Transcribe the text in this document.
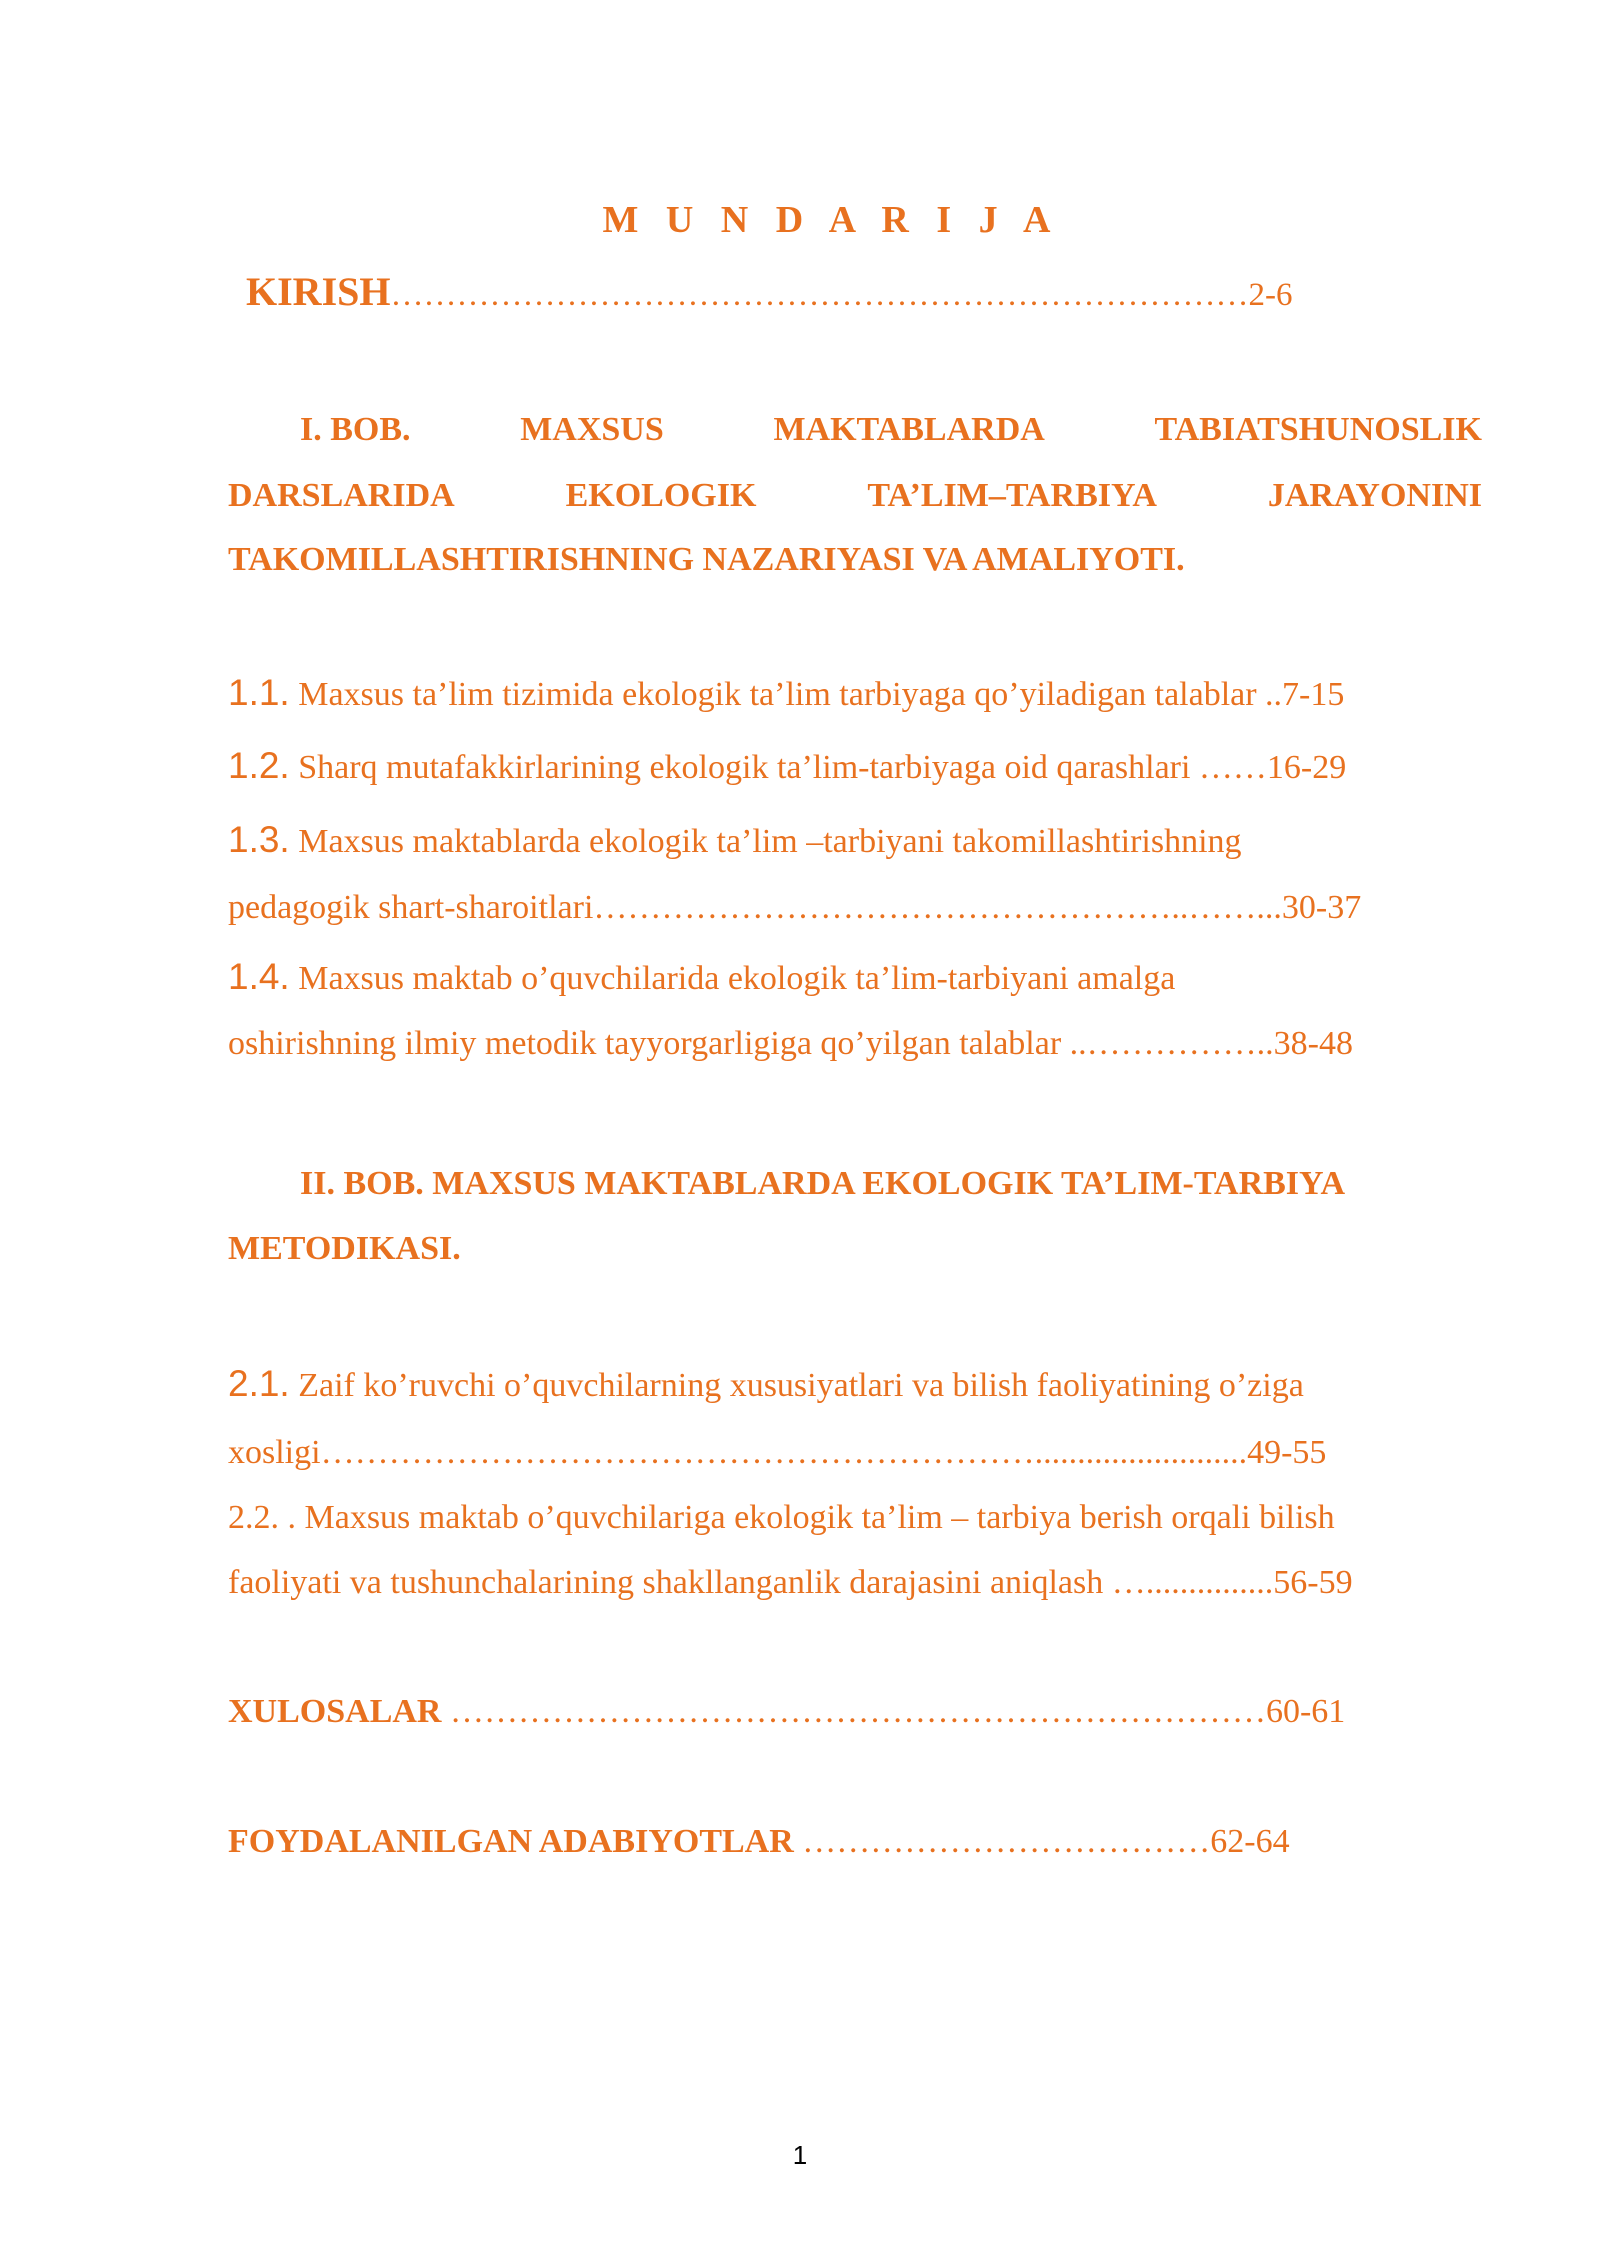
M U N D A R I J A
KIRISH……………………………………………………………………2-6
I. BOB.	MAXSUS	MAKTABLARDA	TABIATSHUNOSLIK
DARSLARIDA	EKOLOGIK	TA’LIM–TARBIYA	JARAYONINI
TAKOMILLASHTIRISHNING NAZARIYASI VA AMALIYOTI.
1.1. Maxsus ta’lim tizimida ekologik ta’lim tarbiyaga qo’yiladigan talablar ..7-15
1.2. Sharq mutafakkirlarining ekologik ta’lim-tarbiyaga oid qarashlari ……16-29
1.3. Maxsus maktablarda ekologik ta’lim –tarbiyani takomillashtirishning
pedagogik shart-sharoitlari……………………………………………..……...30-37
1.4. Maxsus maktab o’quvchilarida ekologik ta’lim-tarbiyani amalga
oshirishning ilmiy metodik tayyorgarligiga qo’yilgan talablar ..……………..38-48
II. BOB. MAXSUS MAKTABLARDA EKOLOGIK TA’LIM-TARBIYA
METODIKASI.
2.1. Zaif ko’ruvchi o’quvchilarning xususiyatlari va bilish faoliyatining o’ziga
xosligi……………………………………………………….........................49-55
2.2. . Maxsus maktab o’quvchilariga ekologik ta’lim – tarbiya berish orqali bilish
faoliyati va tushunchalarining shakllanganlik darajasini aniqlash …...............56-59
XULOSALAR ………………………………………………………………60-61
FOYDALANILGAN ADABIYOTLAR ………………………………62-64
1
